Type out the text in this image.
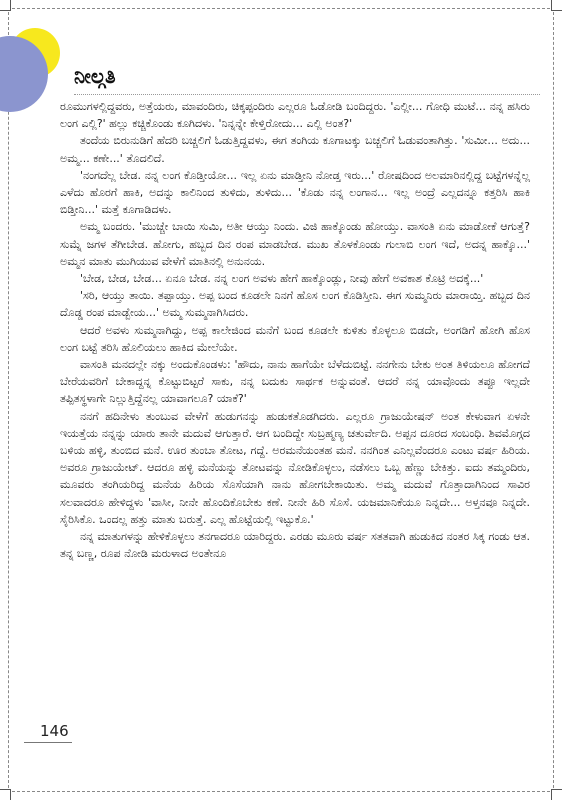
ನೀಲ್ಗತಿ

ರೂಮುಗಳಲ್ಲಿದ್ದವರು, ಅತ್ತೆಯರು, ಮಾವಂದಿರು, ಚಿಕ್ಕಪ್ಪಂದಿರು ಎಲ್ಲರೂ ಓಡೋಡಿ ಬಂದಿದ್ದರು. 'ಎಲ್ಲೀ... ಗೋಧಿ ಮುಟೆ... ನನ್ನ ಹಸಿರು ಲಂಗ ಎಲ್ಲಿ?' ಹಲ್ಲು ಕಚ್ಚಿಕೊಂಡು ಕೂಗಿದಳು. 'ನಿನ್ನನ್ನೇ ಕೇಳ್ತಿರೋದು... ಎಲ್ಲಿ ಅಂತ?'

ತಂದೆಯ ಬಿರುನುಡಿಗೆ ಹೆದರಿ ಬಚ್ಚಲಿಗೆ ಓಡುತ್ತಿದ್ದವಳು, ಈಗ ತಂಗಿಯ ಕೂಗಾಟಕ್ಕು ಬಚ್ಚಲಿಗೆ ಓಡುವಂತಾಗಿತ್ತು. 'ಸುಮೀ... ಅದು... ಅಮ್ಮ... ಕಣೇ...' ತೊದಲಿದೆ.

'ನಂಗದೆಲ್ಲ ಬೇಡ. ನನ್ನ ಲಂಗ ಕೊಡ್ತೀಯೋ... ಇಲ್ಲ ಏನು ಮಾಡ್ತೀನಿ ನೋಡ್ತ ಇರು...' ರೋಷದಿಂದ ಅಲಮಾರಿನಲ್ಲಿದ್ದ ಬಟ್ಟೆಗಳನ್ನೆಲ್ಲ ಎಳೆದು ಹೊರಗೆ ಹಾಕಿ, ಅದನ್ನು ಕಾಲಿನಿಂದ ತುಳಿದು, ತುಳಿದು... 'ಕೊಡು ನನ್ನ ಲಂಗಾನ... ಇಲ್ಲ ಅಂದ್ರೆ ಎಲ್ಲದನ್ನೂ ಕತ್ತರಿಸಿ ಹಾಕಿ ಬಿಡ್ತೀನಿ...' ಮತ್ತೆ ಕೂಗಾಡಿದಳು.

ಅಮ್ಮ ಬಂದರು. 'ಮುಚ್ಚೇ ಬಾಯಿ ಸುಮಿ, ಅತೀ ಆಯ್ತು ನಿಂದು. ವಿಜಿ ಹಾಕ್ಕೊಂಡು ಹೋಯ್ತು. ವಾಸಂತಿ ಏನು ಮಾಡೋಕೆ ಆಗುತ್ತೆ? ಸುಮ್ನೆ ಜಗಳ ತೆಗೀಬೇಡ. ಹೋಗು, ಹಬ್ಬದ ದಿನ ರಂಪ ಮಾಡಬೇಡ. ಮುಖ ತೊಳಕೊಂಡು ಗುಲಾಬಿ ಲಂಗ ಇದೆ, ಅದನ್ನ ಹಾಕ್ಕೊ...' ಅಮ್ಮನ ಮಾತು ಮುಗಿಯುವ ವೇಳೆಗೆ ಮಾತಿನಲ್ಲಿ ಅನುನಯ.

'ಬೇಡ, ಬೇಡ, ಬೇಡ... ಏನೂ ಬೇಡ. ನನ್ನ ಲಂಗ ಅವಳು ಹೇಗೆ ಹಾಕ್ಕೊಂಡ್ಲು, ನೀವು ಹೇಗೆ ಅವಕಾಶ ಕೊಟ್ರಿ ಅದಕ್ಕೆ...'

'ಸರಿ, ಆಯ್ತು ತಾಯಿ. ತಪ್ಪಾಯ್ತು. ಅಪ್ಪ ಬಂದ ಕೂಡಲೇ ನಿನಗೆ ಹೊಸ ಲಂಗ ಕೊಡಿಸ್ತೀನಿ. ಈಗ ಸುಮ್ಮನಿರು ಮಾರಾಯ್ತಿ. ಹಬ್ಬದ ದಿನ ದೊಡ್ಡ ರಂಪ ಮಾಡ್ಬೇಯ...' ಅಮ್ಮ ಸುಮ್ಮನಾಗಿಸಿದರು.

ಆದರೆ ಅವಳು ಸುಮ್ಮನಾಗಿದ್ದು, ಅಪ್ಪ ಕಾಲೇಜಿಂದ ಮನೆಗೆ ಬಂದ ಕೂಡಲೇ ಕುಳಿತು ಕೊಳ್ಳಲೂ ಬಿಡದೇ, ಅಂಗಡಿಗೆ ಹೋಗಿ ಹೊಸ ಲಂಗ ಬಟ್ಟೆ ತರಿಸಿ ಹೊಲಿಯಲು ಹಾಕಿದ ಮೇಲೆಯೇ.

ವಾಸಂತಿ ಮನದಲ್ಲೇ ನಕ್ಕು ಅಂದುಕೊಂಡಳು: 'ಹೌದು, ನಾನು ಹಾಗೆಯೇ ಬೆಳೆದುಬಿಟ್ಟೆ. ನನಗೇನು ಬೇಕು ಅಂತ ತಿಳಿಯಲೂ ಹೋಗದೆ ಬೇರೆಯವರಿಗೆ ಬೇಕಾದ್ದನ್ನ ಕೊಟ್ಟುಬಿಟ್ಟರೆ ಸಾಕು, ನನ್ನ ಬದುಕು ಸಾರ್ಥಕ ಅನ್ನುವಂತೆ. ಆದರೆ ನನ್ನ ಯಾವೊಂದು ತಪ್ಪೂ ಇಲ್ಲದೇ ತಪ್ಪಿತಸ್ಥಳಾಗೇ ನಿಲ್ಲುತ್ತಿದ್ದೆನಲ್ಲ ಯಾವಾಗಲೂ? ಯಾಕೆ?'

ನನಗೆ ಹದಿನೇಳು ತುಂಬುವ ವೇಳೆಗೆ ಹುಡುಗನನ್ನು ಹುಡುಕತೊಡಗಿದರು. ಎಲ್ಲರೂ ಗ್ರಾಜುಯೇಷನ್ ಅಂತ ಕೇಳುವಾಗ ಏಳನೇ ಇಯತ್ತೆಯ ನನ್ನನ್ನು ಯಾರು ತಾನೇ ಮದುವೆ ಆಗುತ್ತಾರೆ. ಆಗ ಬಂದಿದ್ದೇ ಸುಬ್ರಹ್ಮಣ್ಯ ಚತುರ್ವೇದಿ. ಅಪ್ಪನ ದೂರದ ಸಂಬಂಧಿ. ಶಿವಮೊಗ್ಗದ ಬಳಿಯ ಹಳ್ಳಿ, ತುಂಬಿದ ಮನೆ. ಊರ ತುಂಬಾ ತೋಟ, ಗದ್ದೆ. ಅರಮನೆಯಂತಹ ಮನೆ. ನನಗಿಂತ ಎನಿಲ್ಲವೆಂದರೂ ಎಂಟು ವರ್ಷ ಹಿರಿಯ. ಅವರೂ ಗ್ರಾಜುಯೇಟ್. ಆದರೂ ಹಳ್ಳಿ ಮನೆಯನ್ನು ತೋಟವನ್ನು ನೋಡಿಕೊಳ್ಳಲು, ನಡೆಸಲು ಒಬ್ಬ ಹೆಣ್ಣು ಬೇಕಿತ್ತು. ಐದು ತಮ್ಮಂದಿರು, ಮೂವರು ತಂಗಿಯರಿದ್ದ ಮನೆಯ ಹಿರಿಯ ಸೊಸೆಯಾಗಿ ನಾನು ಹೋಗಬೇಕಾಯಿತು. ಅಮ್ಮ ಮದುವೆ ಗೊತ್ತಾದಾಗಿನಿಂದ ಸಾವಿರ ಸಲವಾದರೂ ಹೇಳಿದ್ದಳು 'ವಾಸೀ, ನೀನೇ ಹೊಂದಿಕೊಬೇಕು ಕಣೆ. ನೀನೇ ಹಿರಿ ಸೊಸೆ. ಯಜಮಾನಿಕೆಯೂ ನಿನ್ನದೇ... ಅಳ್ತನವೂ ನಿನ್ನದೇ. ಸೈರಿಸಿಕೊ. ಒಂದಲ್ಲ ಹತ್ತು ಮಾತು ಬರುತ್ತೆ. ಎಲ್ಲ ಹೊಟ್ಟೆಯಲ್ಲಿ ಇಟ್ಟುಕೊ.'

ನನ್ನ ಮಾತುಗಳನ್ನು ಹೇಳಿಕೊಳ್ಳಲು ತನಗಾದರೂ ಯಾರಿದ್ದರು. ಎರಡು ಮೂರು ವರ್ಷ ಸತತವಾಗಿ ಹುಡುಕಿದ ನಂತರ ಸಿಕ್ಕ ಗಂಡು ಆತ. ತನ್ನ ಬಣ್ಣ, ರೂಪ ನೋಡಿ ಮರುಳಾದ ಅಂತೇನೂ

146
